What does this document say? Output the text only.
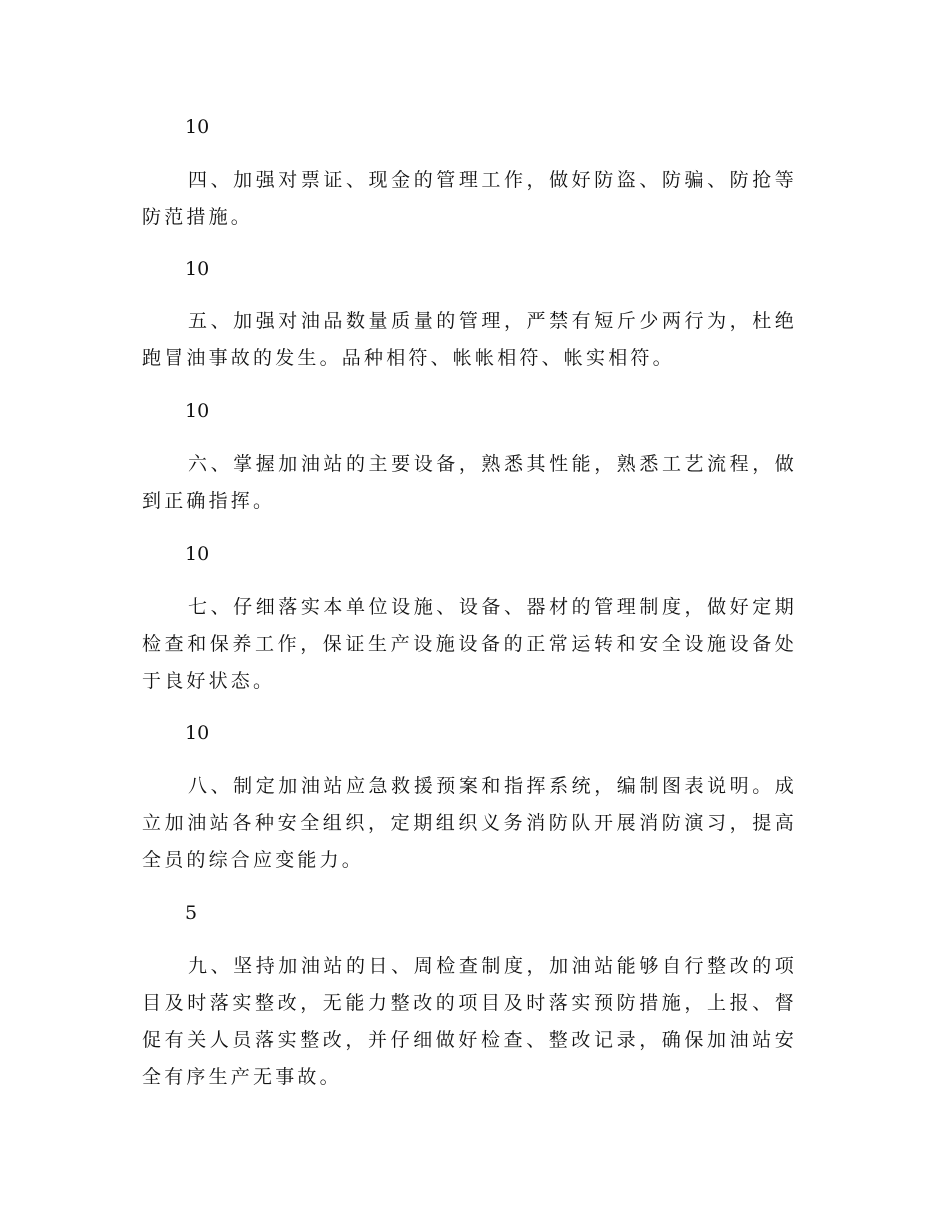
10

四、加强对票证、现金的管理工作，做好防盗、防骗、防抢等防范措施。

10

五、加强对油品数量质量的管理，严禁有短斤少两行为，杜绝跑冒油事故的发生。品种相符、帐帐相符、帐实相符。

10

六、掌握加油站的主要设备，熟悉其性能，熟悉工艺流程，做到正确指挥。

10

七、仔细落实本单位设施、设备、器材的管理制度，做好定期检查和保养工作，保证生产设施设备的正常运转和安全设施设备处于良好状态。

10

八、制定加油站应急救援预案和指挥系统，编制图表说明。成立加油站各种安全组织，定期组织义务消防队开展消防演习，提高全员的综合应变能力。

5

九、坚持加油站的日、周检查制度，加油站能够自行整改的项目及时落实整改，无能力整改的项目及时落实预防措施，上报、督促有关人员落实整改，并仔细做好检查、整改记录，确保加油站安全有序生产无事故。
